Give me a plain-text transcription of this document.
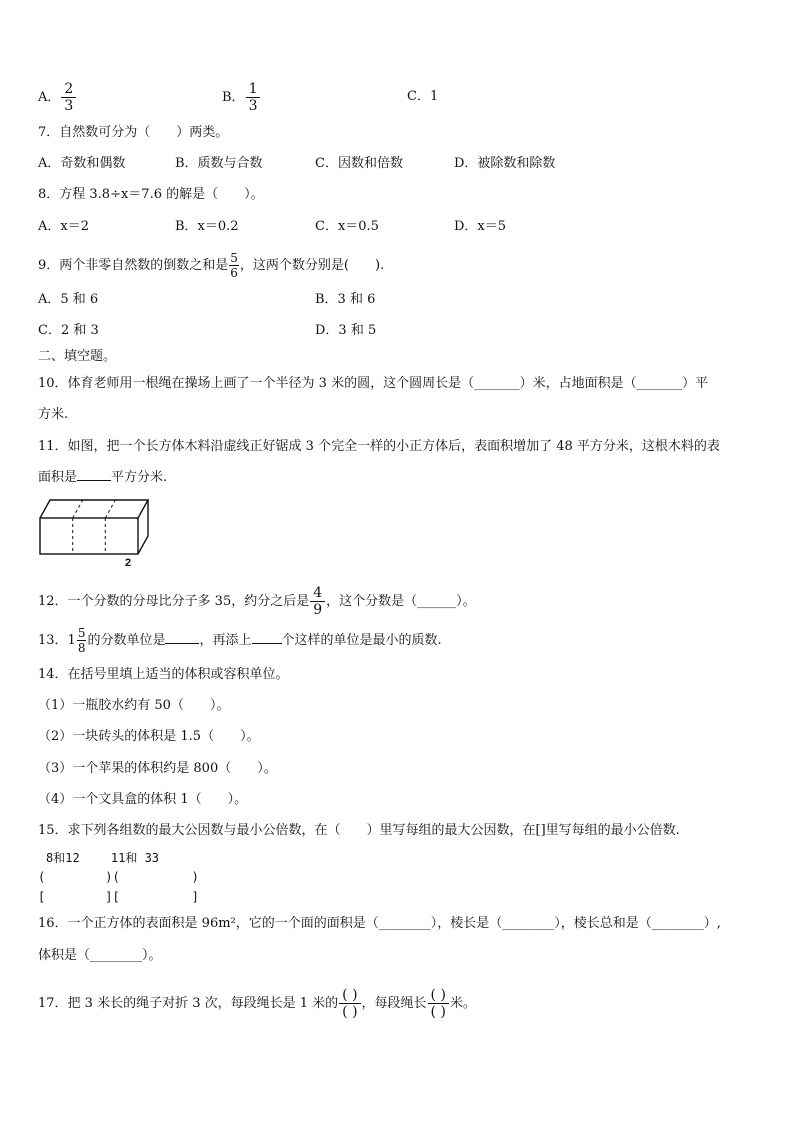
A． $\frac{2}{3}$	B． $\frac{1}{3}$	C．1
7．自然数可分为（　　）两类。
A．奇数和偶数	B．质数与合数	C．因数和倍数	D．被除数和除数
8．方程 3.8÷x＝7.6 的解是（　　）。
A．x＝2	B．x＝0.2	C．x＝0.5	D．x＝5
9．两个非零自然数的倒数之和是 $\frac{5}{6}$ ，这两个数分别是(　　).
A．5 和 6	B．3 和 6
C．2 和 3	D．3 和 5
二、填空题。
10．体育老师用一根绳在操场上画了一个半径为 3 米的圆，这个圆周长是（_______）米，占地面积是（_______）平
方米.
11．如图，把一个长方体木料沿虚线正好锯成 3 个完全一样的小正方体后，表面积增加了 48 平方分米，这根木料的表
面积是	平方分米.
2
12．一个分数的分母比分子多 35，约分之后是 $\frac{4}{9}$ ，这个分数是（______）。
13．$1 \frac{5}{8}$ 的分数单位是	，再添上 个这样的单位是最小的质数.
14．在括号里填上适当的体积或容积单位。
（1）一瓶胶水约有 50（　　）。
（2）一块砖头的体积是 1.5（　　）。
（3）一个苹果的体积约是 800（　　）。
（4）一个文具盒的体积 1（　　）。
15．求下列各组数的最大公因数与最小公倍数，在（　　）里写每组的最大公因数，在[]里写每组的最小公倍数.
8和12　　 11和 33
(　　　　　)(　　　　　　)
[　　　　　][　　　　　　]
16．一个正方体的表面积是 96m²，它的一个面的面积是（________），棱长是（________），棱长总和是（________）,
体积是（________）。
17．把 3 米长的绳子对折 3 次，每段绳长是 1 米的 $\frac{( )}{( )}$ ，每段绳长 $\frac{( )}{( )}$ 米。
